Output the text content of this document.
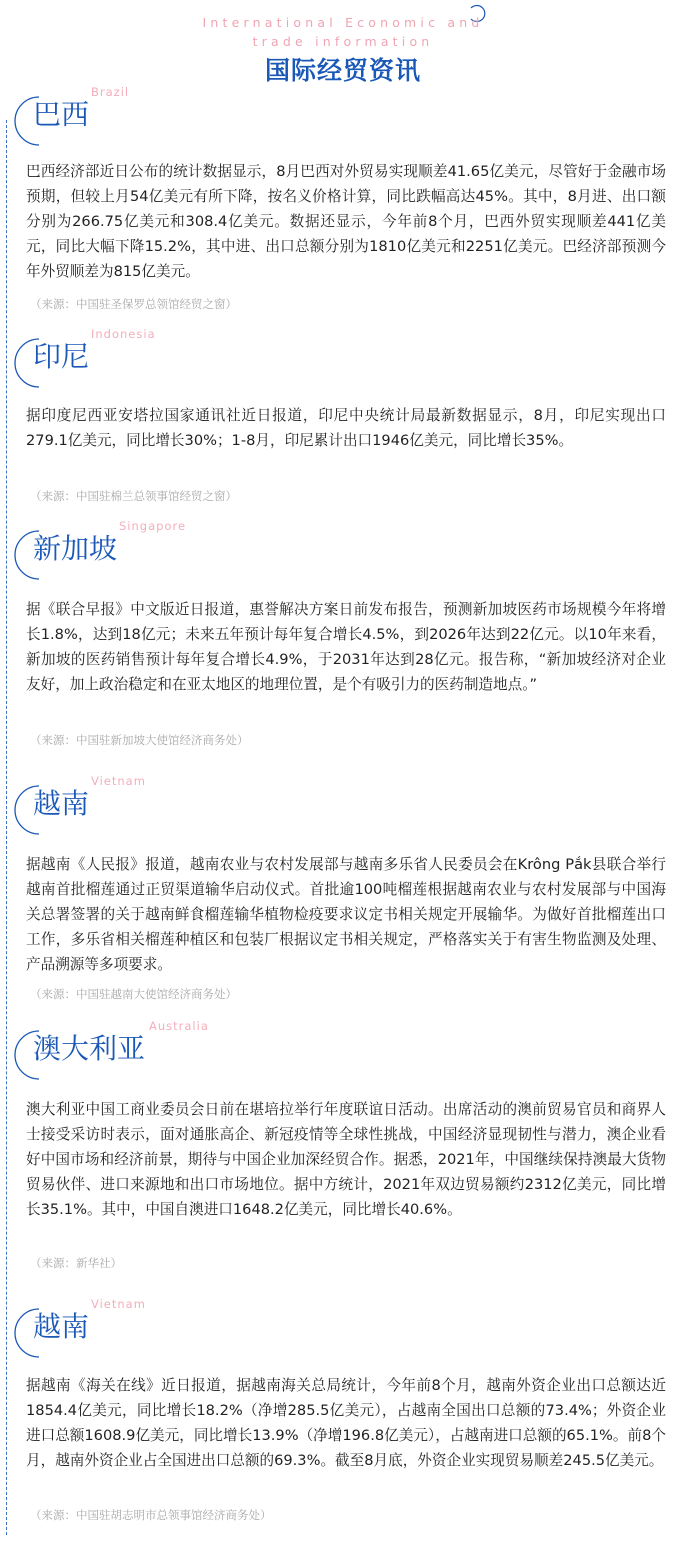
International Economic and
trade information
国际经贸资讯
巴西
Brazil
巴西经济部近日公布的统计数据显示，8月巴西对外贸易实现顺差41.65亿美元，尽管好于金融市场预期，但较上月54亿美元有所下降，按名义价格计算，同比跌幅高达45%。其中，8月进、出口额分别为266.75亿美元和308.4亿美元。数据还显示，今年前8个月，巴西外贸实现顺差441亿美元，同比大幅下降15.2%，其中进、出口总额分别为1810亿美元和2251亿美元。巴经济部预测今年外贸顺差为815亿美元。
（来源：中国驻圣保罗总领馆经贸之窗）
印尼
Indonesia
据印度尼西亚安塔拉国家通讯社近日报道，印尼中央统计局最新数据显示，8月，印尼实现出口279.1亿美元，同比增长30%；1-8月，印尼累计出口1946亿美元，同比增长35%。
（来源：中国驻棉兰总领事馆经贸之窗）
新加坡
Singapore
据《联合早报》中文版近日报道，惠誉解决方案日前发布报告，预测新加坡医药市场规模今年将增长1.8%，达到18亿元；未来五年预计每年复合增长4.5%，到2026年达到22亿元。以10年来看，新加坡的医药销售预计每年复合增长4.9%，于2031年达到28亿元。报告称，“新加坡经济对企业友好，加上政治稳定和在亚太地区的地理位置，是个有吸引力的医药制造地点。”
（来源：中国驻新加坡大使馆经济商务处）
越南
Vietnam
据越南《人民报》报道，越南农业与农村发展部与越南多乐省人民委员会在Krông Pắk县联合举行越南首批榴莲通过正贸渠道输华启动仪式。首批逾100吨榴莲根据越南农业与农村发展部与中国海关总署签署的关于越南鲜食榴莲输华植物检疫要求议定书相关规定开展输华。为做好首批榴莲出口工作，多乐省相关榴莲种植区和包装厂根据议定书相关规定，严格落实关于有害生物监测及处理、产品溯源等多项要求。
（来源：中国驻越南大使馆经济商务处）
澳大利亚
Australia
澳大利亚中国工商业委员会日前在堪培拉举行年度联谊日活动。出席活动的澳前贸易官员和商界人士接受采访时表示，面对通胀高企、新冠疫情等全球性挑战，中国经济显现韧性与潜力，澳企业看好中国市场和经济前景，期待与中国企业加深经贸合作。据悉，2021年，中国继续保持澳最大货物贸易伙伴、进口来源地和出口市场地位。据中方统计，2021年双边贸易额约2312亿美元，同比增长35.1%。其中，中国自澳进口1648.2亿美元，同比增长40.6%。
（来源：新华社）
越南
Vietnam
据越南《海关在线》近日报道，据越南海关总局统计，今年前8个月，越南外资企业出口总额达近1854.4亿美元，同比增长18.2%（净增285.5亿美元），占越南全国出口总额的73.4%；外资企业进口总额1608.9亿美元，同比增长13.9%（净增196.8亿美元），占越南进口总额的65.1%。前8个月，越南外资企业占全国进出口总额的69.3%。截至8月底，外资企业实现贸易顺差245.5亿美元。
（来源：中国驻胡志明市总领事馆经济商务处）
